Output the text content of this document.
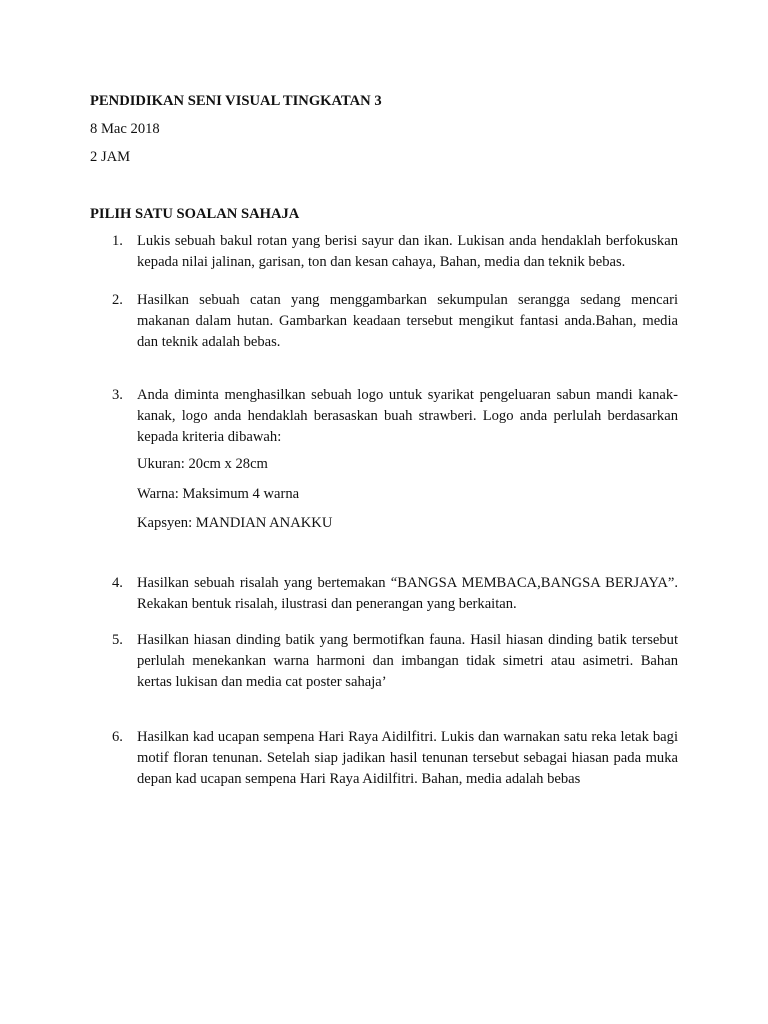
PENDIDIKAN SENI VISUAL TINGKATAN 3
8 Mac 2018
2 JAM
PILIH SATU SOALAN SAHAJA
1. Lukis sebuah bakul rotan yang berisi sayur dan ikan. Lukisan anda hendaklah berfokuskan kepada nilai jalinan, garisan, ton dan kesan cahaya, Bahan, media dan teknik bebas.

2. Hasilkan sebuah catan yang menggambarkan sekumpulan serangga sedang mencari makanan dalam hutan. Gambarkan keadaan tersebut mengikut fantasi anda.Bahan, media dan teknik adalah bebas.

3. Anda diminta menghasilkan sebuah logo untuk syarikat pengeluaran sabun mandi kanak-kanak, logo anda hendaklah berasaskan buah strawberi. Logo anda perlulah berdasarkan kepada kriteria dibawah:

Ukuran: 20cm x 28cm
Warna: Maksimum 4 warna
Kapsyen: MANDIAN ANAKKU
4. Hasilkan sebuah risalah yang bertemakan “BANGSA MEMBACA,BANGSA BERJAYA”. Rekakan bentuk risalah, ilustrasi dan penerangan yang berkaitan.

5. Hasilkan hiasan dinding batik yang bermotifkan fauna. Hasil hiasan dinding batik tersebut perlulah menekankan warna harmoni dan imbangan tidak simetri atau asimetri. Bahan kertas lukisan dan media cat poster sahaja’

6. Hasilkan kad ucapan sempena Hari Raya Aidilfitri. Lukis dan warnakan satu reka letak bagi motif floran tenunan. Setelah siap jadikan hasil tenunan tersebut sebagai hiasan pada muka depan kad ucapan sempena Hari Raya Aidilfitri. Bahan, media adalah bebas
